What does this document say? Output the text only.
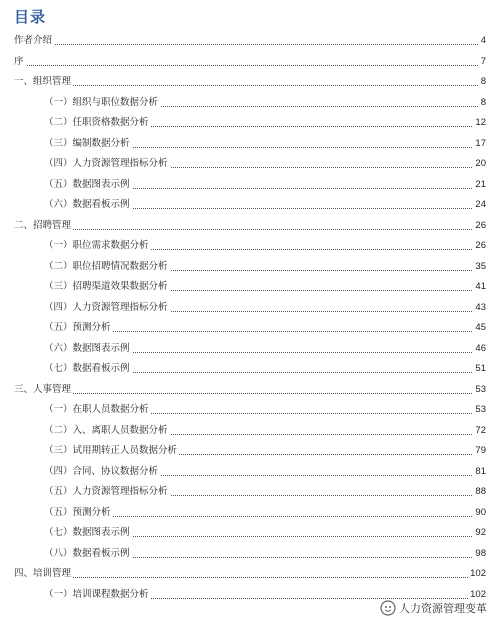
目录
作者介绍	4
序	7
一、组织管理	8
（一）组织与职位数据分析	8
（二）任职资格数据分析	12
（三）编制数据分析	17
（四）人力资源管理指标分析	20
（五）数据图表示例	21
（六）数据看板示例	24
二、招聘管理	26
（一）职位需求数据分析	26
（二）职位招聘情况数据分析	35
（三）招聘渠道效果数据分析	41
（四）人力资源管理指标分析	43
（五）预测分析	45
（六）数据图表示例	46
（七）数据看板示例	51
三、人事管理	53
（一）在职人员数据分析	53
（二）入、离职人员数据分析	72
（三）试用期转正人员数据分析	79
（四）合同、协议数据分析	81
（五）人力资源管理指标分析	88
（五）预测分析	90
（七）数据图表示例	92
（八）数据看板示例	98
四、培训管理	102
（一）培训课程数据分析	102
人力资源管理变革
